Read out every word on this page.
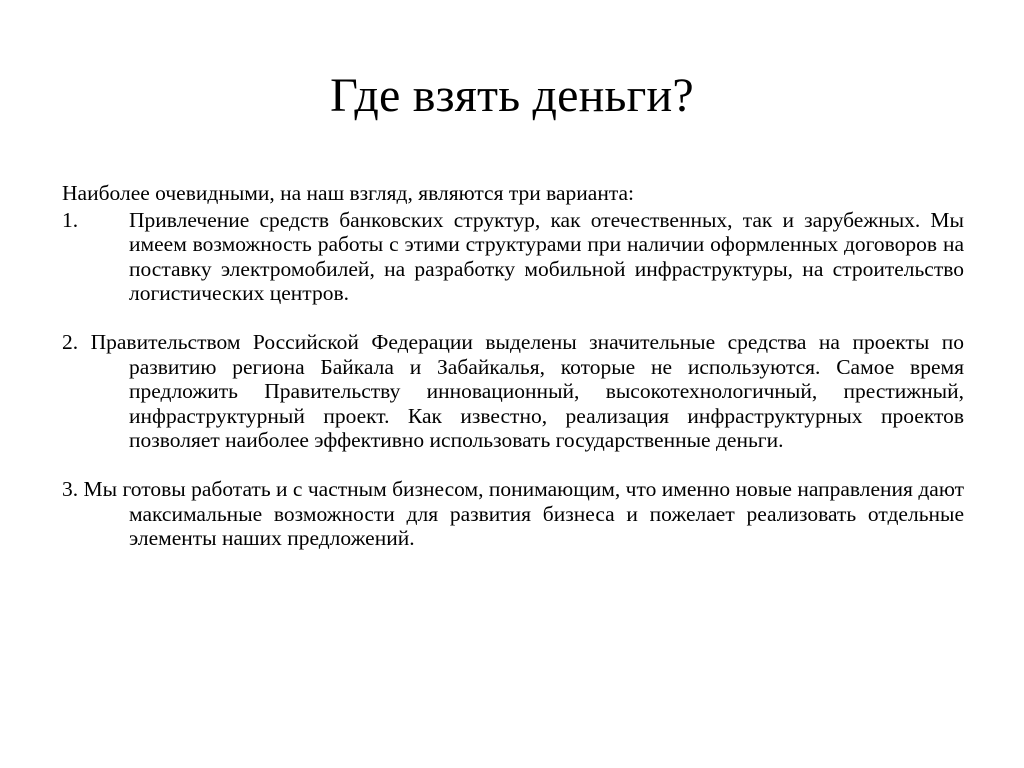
Где взять деньги?

Наиболее очевидными, на наш взгляд, являются три варианта:

1. Привлечение средств банковских структур, как отечественных, так и зарубежных. Мы имеем возможность работы с этими структурами при наличии оформленных договоров на поставку электромобилей, на разработку мобильной инфраструктуры, на строительство логистических центров.

2. Правительством Российской Федерации выделены значительные средства на проекты по развитию региона Байкала и Забайкалья, которые не используются. Самое время предложить Правительству инновационный, высокотехнологичный, престижный, инфраструктурный проект. Как известно, реализация инфраструктурных проектов позволяет наиболее эффективно использовать государственные деньги.

3. Мы готовы работать и с частным бизнесом, понимающим, что именно новые направления дают максимальные возможности для развития бизнеса и пожелает реализовать отдельные элементы наших предложений.
